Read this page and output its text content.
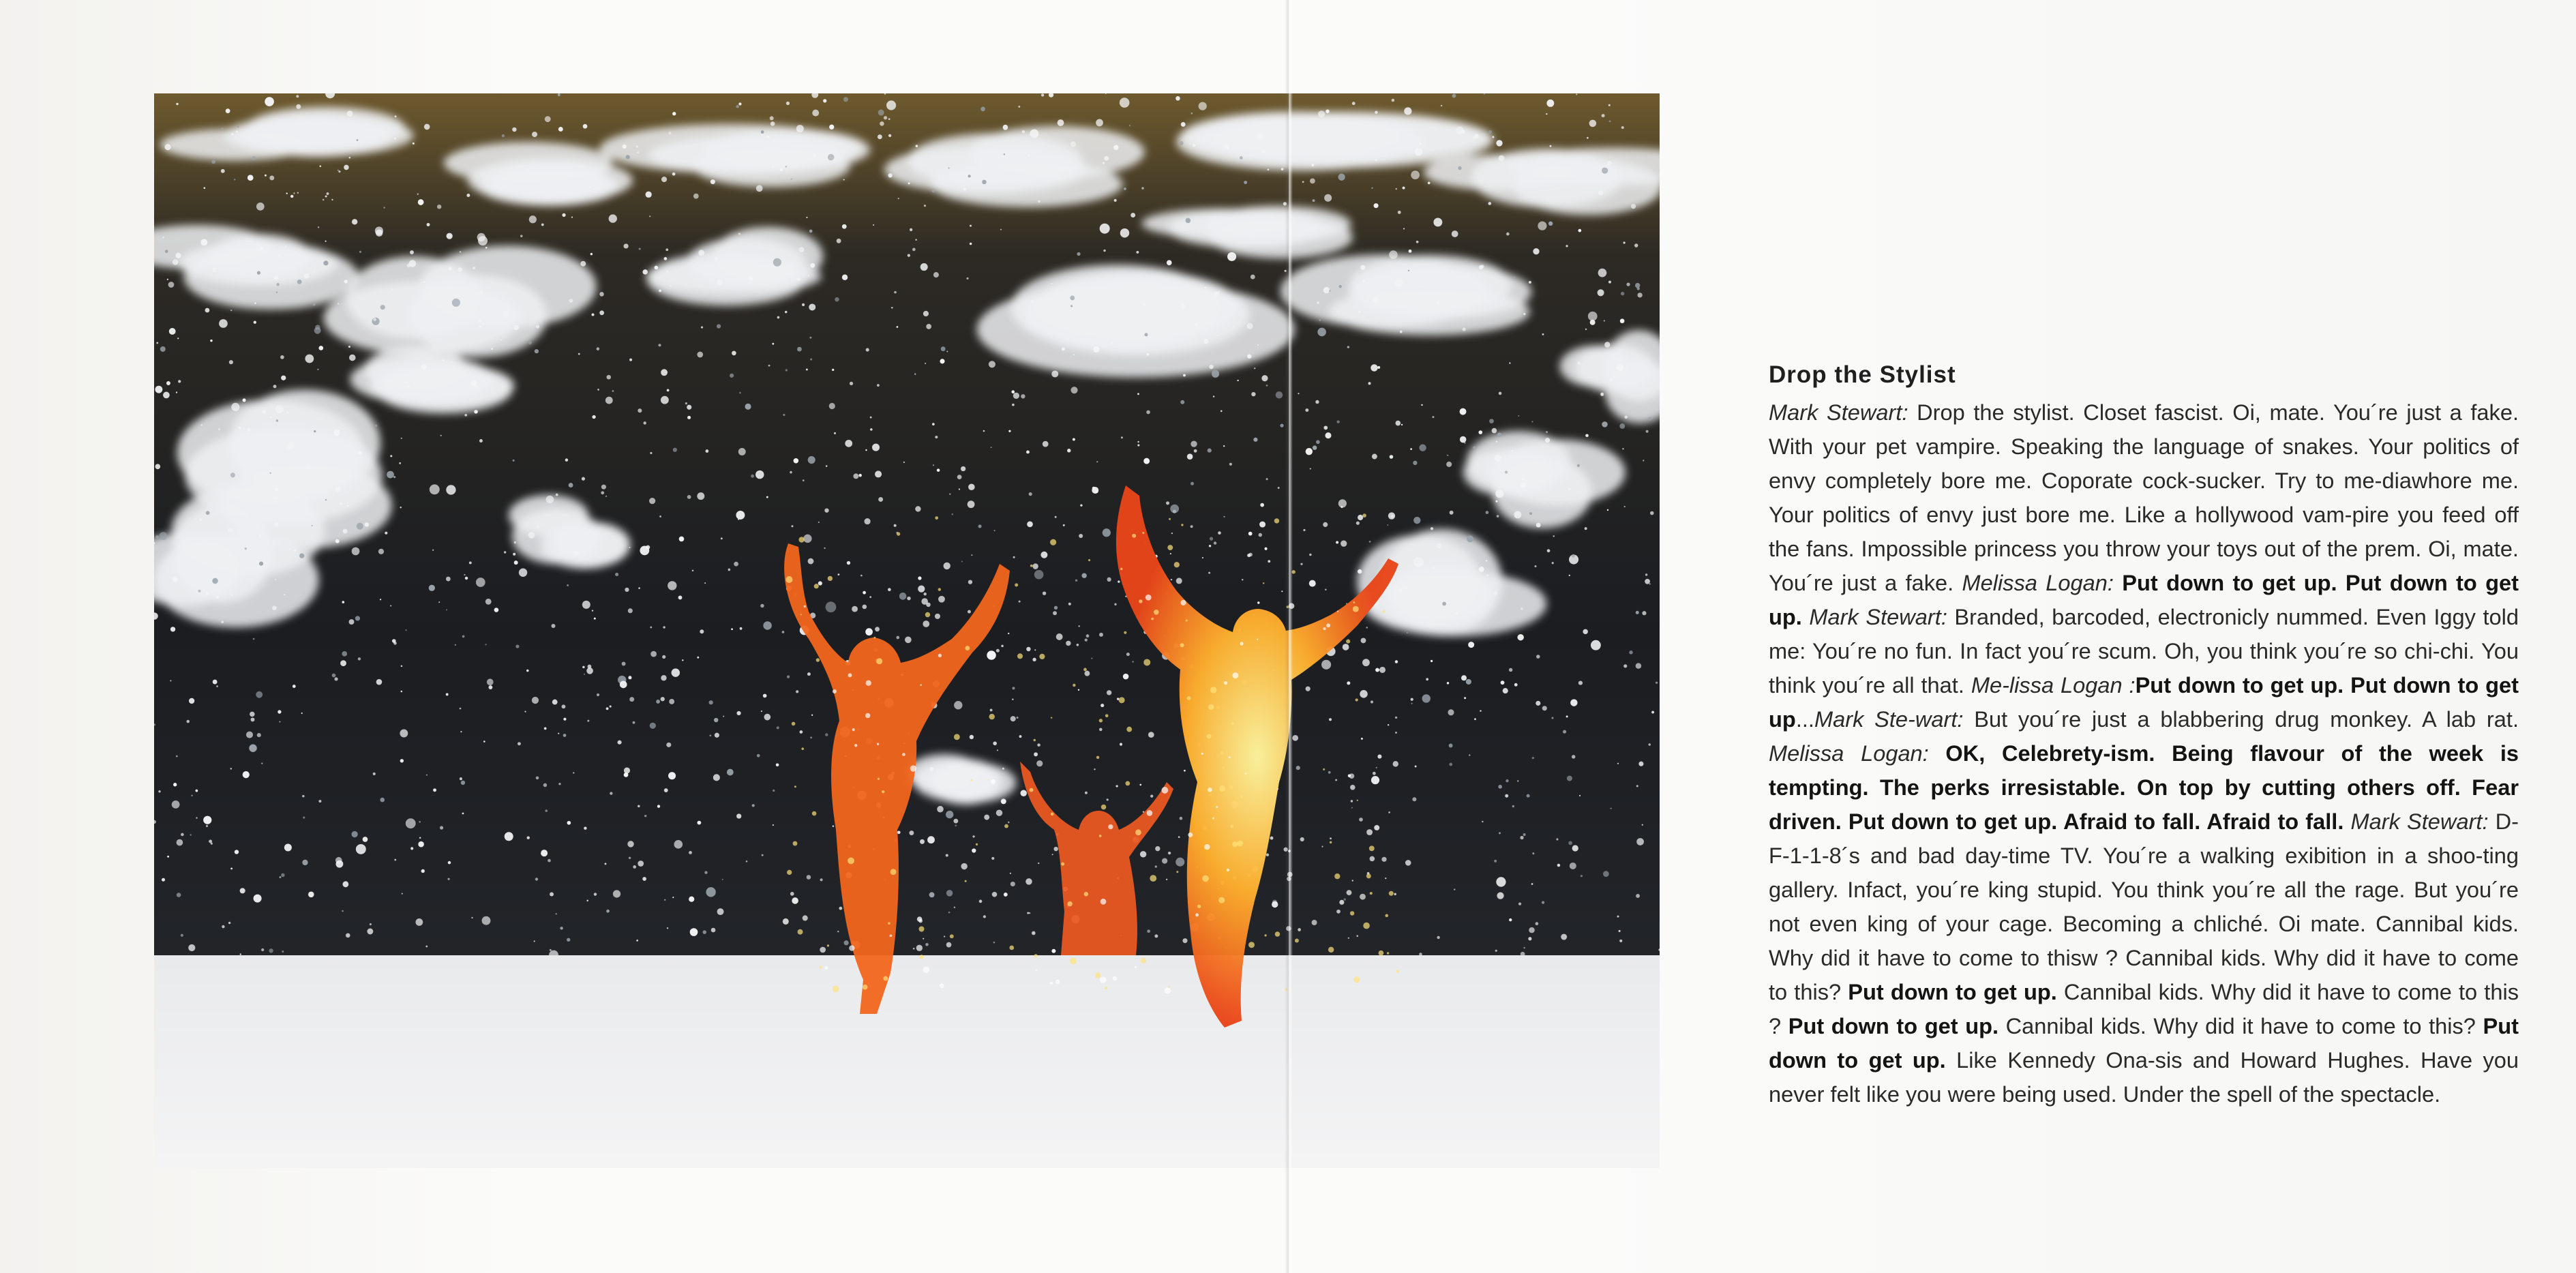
Drop the Stylist

Mark Stewart: Drop the stylist. Closet fascist. Oi, mate. You´re just a fake. With your pet vampire. Speaking the language of snakes. Your politics of envy completely bore me. Coporate cock-sucker. Try to me-diawhore me. Your politics of envy just bore me. Like a hollywood vam-pire you feed off the fans. Impossible princess you throw your toys out of the prem. Oi, mate. You´re just a fake. Melissa Logan: Put down to get up. Put down to get up. Mark Stewart: Branded, barcoded, electronicly nummed. Even Iggy told me: You´re no fun. In fact you´re scum. Oh, you think you´re so chi-chi. You think you´re all that. Me-lissa Logan :Put down to get up. Put down to get up...Mark Ste-wart: But you´re just a blabbering drug monkey. A lab rat. Melissa Logan: OK, Celebrety-ism. Being flavour of the week is tempting. The perks irresistable. On top by cutting others off. Fear driven. Put down to get up. Afraid to fall. Afraid to fall. Mark Stewart: D-F-1-1-8´s and bad day-time TV. You´re a walking exibition in a shoo-ting gallery. Infact, you´re king stupid. You think you´re all the rage. But you´re not even king of your cage. Becoming a chliché. Oi mate. Cannibal kids. Why did it have to come to thisw ? Cannibal kids. Why did it have to come to this? Put down to get up. Cannibal kids. Why did it have to come to this ? Put down to get up. Cannibal kids. Why did it have to come to this? Put down to get up. Like Kennedy Ona-sis and Howard Hughes. Have you never felt like you were being used. Under the spell of the spectacle.
